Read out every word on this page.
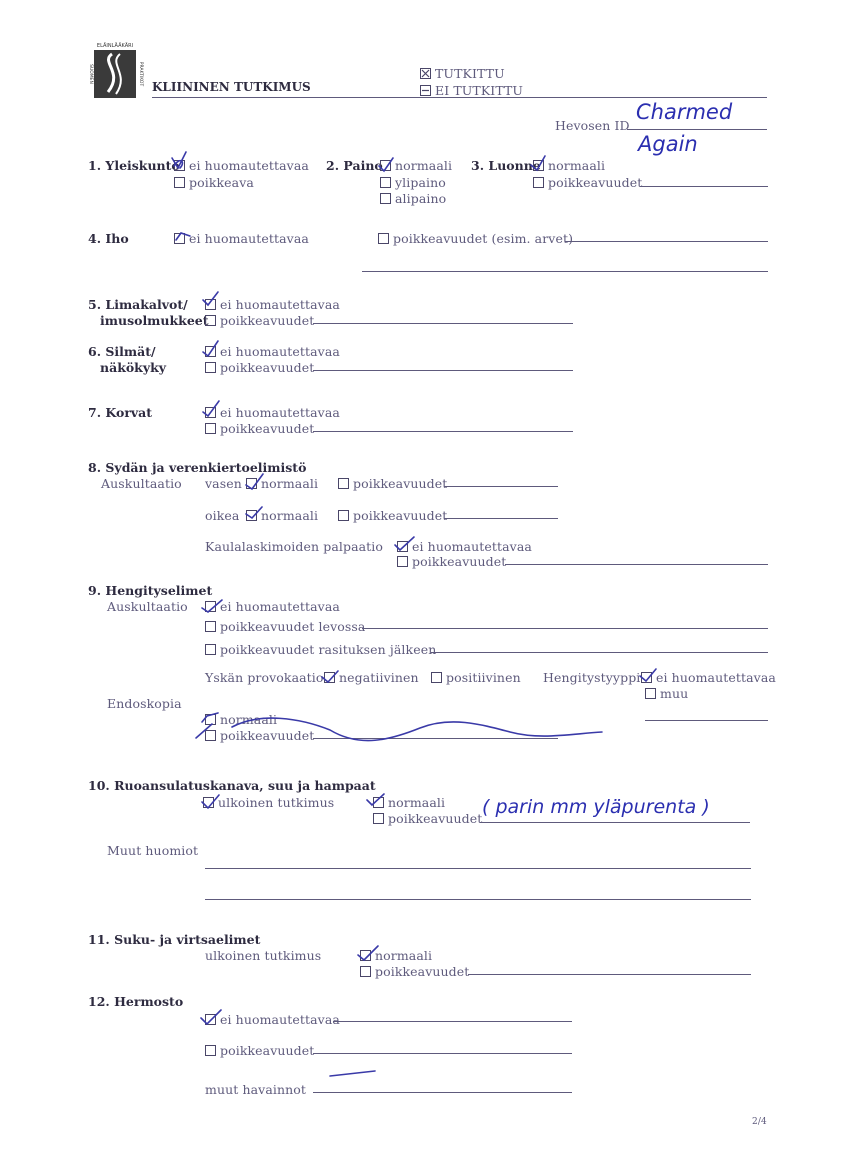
ELÄINLÄÄKÄRI
SUOMEN	PRAKTIKOT
KLIININEN TUTKIMUS
TUTKITTU
EI TUTKITTU
Hevosen ID
Charmed
Again
1. Yleiskunto ei huomautettavaa
poikkeava
2. Paino normaali
ylipaino
alipaino
3. Luonne normaali
poikkeavuudet
4. Iho	ei huomautettavaa	poikkeavuudet (esim. arvet)
5. Limakalvot/
imusolmukkeet
ei huomautettavaa
poikkeavuudet
6. Silmät/
näkökyky
ei huomautettavaa
poikkeavuudet
7. Korvat	ei huomautettavaa
poikkeavuudet
8. Sydän ja verenkiertoelimistö
Auskultaatio vasen	normaali	poikkeavuudet
oikea	normaali	poikkeavuudet
Kaulalaskimoiden palpaatio	ei huomautettavaa
poikkeavuudet
9. Hengityselimet
Auskultaatio	ei huomautettavaa
poikkeavuudet levossa
poikkeavuudet rasituksen jälkeen
Yskän provokaatio	negatiivinen	positiivinen Hengitystyyppi	ei huomautettavaa
muu
Endoskopia
normaali
poikkeavuudet
10. Ruoansulatuskanava, suu ja hampaat
ulkoinen tutkimus	normaali
poikkeavuudet
( parin mm yläpurenta )
Muut huomiot
11. Suku- ja virtsaelimet
ulkoinen tutkimus	normaali
poikkeavuudet
12. Hermosto
ei huomautettavaa
poikkeavuudet
muut havainnot
2/4
